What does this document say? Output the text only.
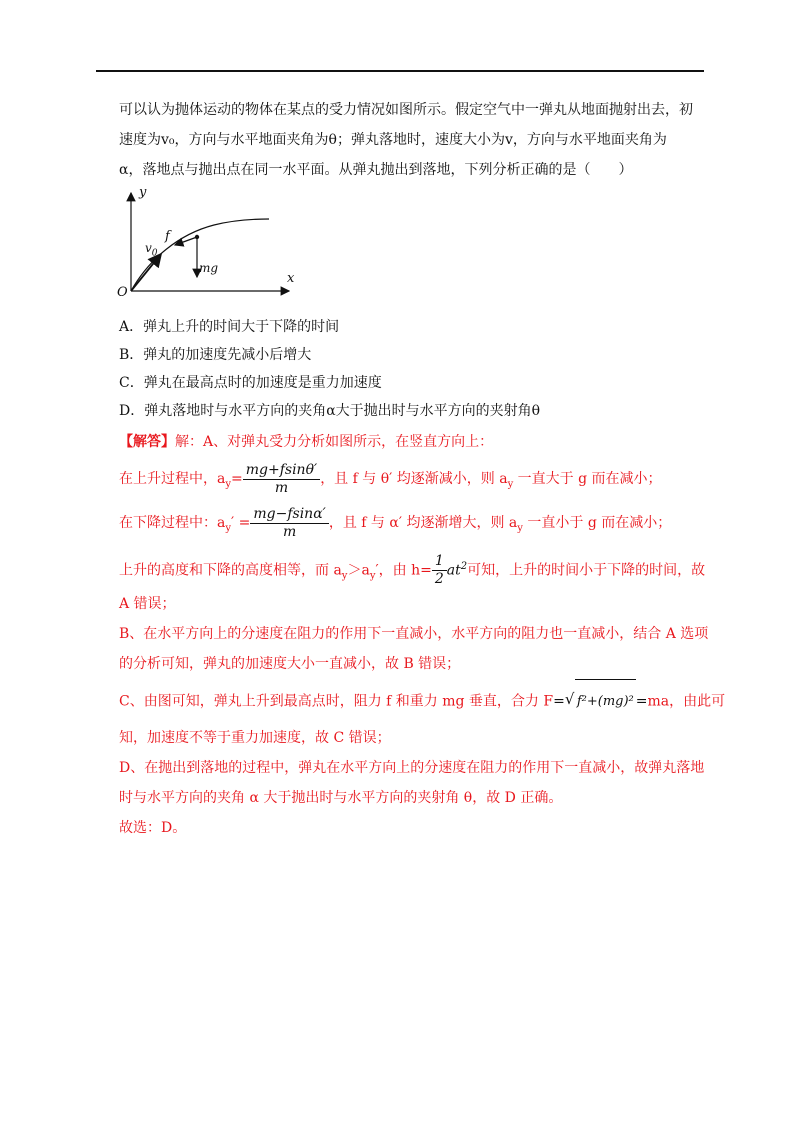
可以认为抛体运动的物体在某点的受力情况如图所示。假定空气中一弹丸从地面抛射出去，初

速度为v₀，方向与水平地面夹角为θ；弹丸落地时，速度大小为v，方向与水平地面夹角为

α，落地点与抛出点在同一水平面。从弹丸抛出到落地，下列分析正确的是（　　）

y
x
O
f
$v_0$
mg

A．弹丸上升的时间大于下降的时间

B．弹丸的加速度先减小后增大

C．弹丸在最高点时的加速度是重力加速度

D．弹丸落地时与水平方向的夹角α大于抛出时与水平方向的夹射角θ

【解答】解：A、对弹丸受力分析如图所示，在竖直方向上：

在上升过程中，$a_y= \frac{mg+fsin\theta'}{m}$ ，且 f 与 θ′ 均逐渐减小，则 $a_y$ 一直大于 g 而在减小；

在下降过程中：$a_y' = \frac{mg-fsin\alpha'}{m}$ ，且 f 与 α′ 均逐渐增大，则 $a_y$ 一直小于 g 而在减小；

上升的高度和下降的高度相等，而 $a_y>a_y'$，由 $h= \frac{1}{2} at^2$可知，上升的时间小于下降的时间，故

A 错误；

B、在水平方向上的分速度在阻力的作用下一直减小，水平方向的阻力也一直减小，结合 A 选项

的分析可知，弹丸的加速度大小一直减小，故 B 错误；

C、由图可知，弹丸上升到最高点时，阻力 f 和重力 mg 垂直，合力 F= √ f²+(mg)² =ma，由此可

知，加速度不等于重力加速度，故 C 错误；

D、在抛出到落地的过程中，弹丸在水平方向上的分速度在阻力的作用下一直减小，故弹丸落地

时与水平方向的夹角 α 大于抛出时与水平方向的夹射角 θ，故 D 正确。

故选：D。
